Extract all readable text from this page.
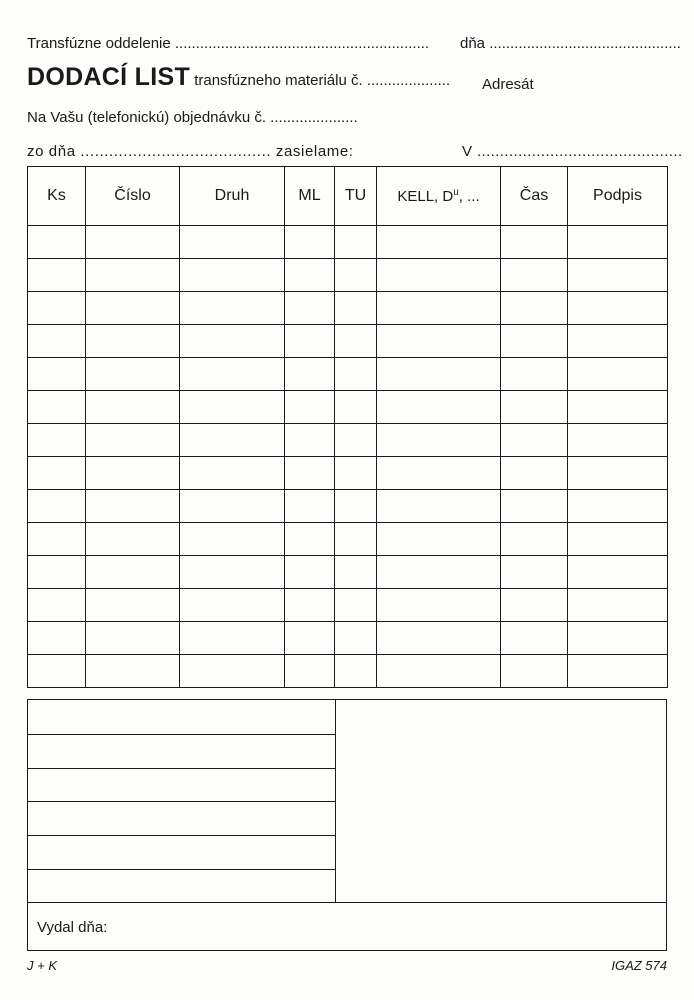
Transfúzne oddelenie ............................................................. dňa ..............................................
DODACÍ LIST transfúzneho materiálu č. .................... Adresát
Na Vašu (telefonickú) objednávku č. .....................
zo dňa ........................................ zasielame:	V .............................................
Ks	Číslo	Druh	ML	TU	KELL, $D^u$, ...	Čas	Podpis

Vydal dňa:
J + K	IGAZ 574
